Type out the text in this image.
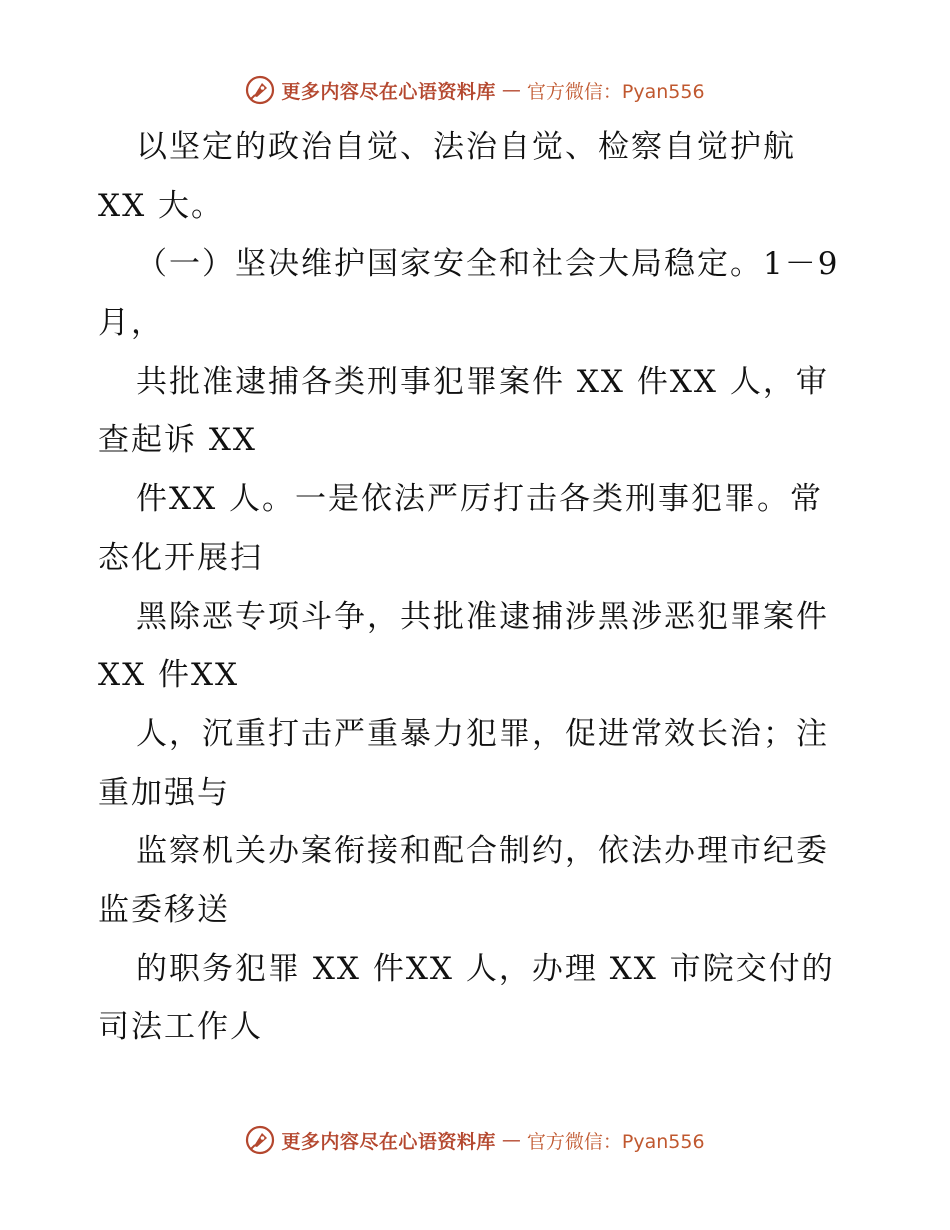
更多内容尽在心语资料库 — 官方微信：Pyan556
以坚定的政治自觉、法治自觉、检察自觉护航
XX 大。
（一）坚决维护国家安全和社会大局稳定。1－9
月，
共批准逮捕各类刑事犯罪案件 XX 件XX 人，审
查起诉 XX
件XX 人。一是依法严厉打击各类刑事犯罪。常
态化开展扫
黑除恶专项斗争，共批准逮捕涉黑涉恶犯罪案件
XX 件XX
人，沉重打击严重暴力犯罪，促进常效长治；注
重加强与
监察机关办案衔接和配合制约，依法办理市纪委
监委移送
的职务犯罪 XX 件XX 人，办理 XX 市院交付的
司法工作人
更多内容尽在心语资料库 — 官方微信：Pyan556
